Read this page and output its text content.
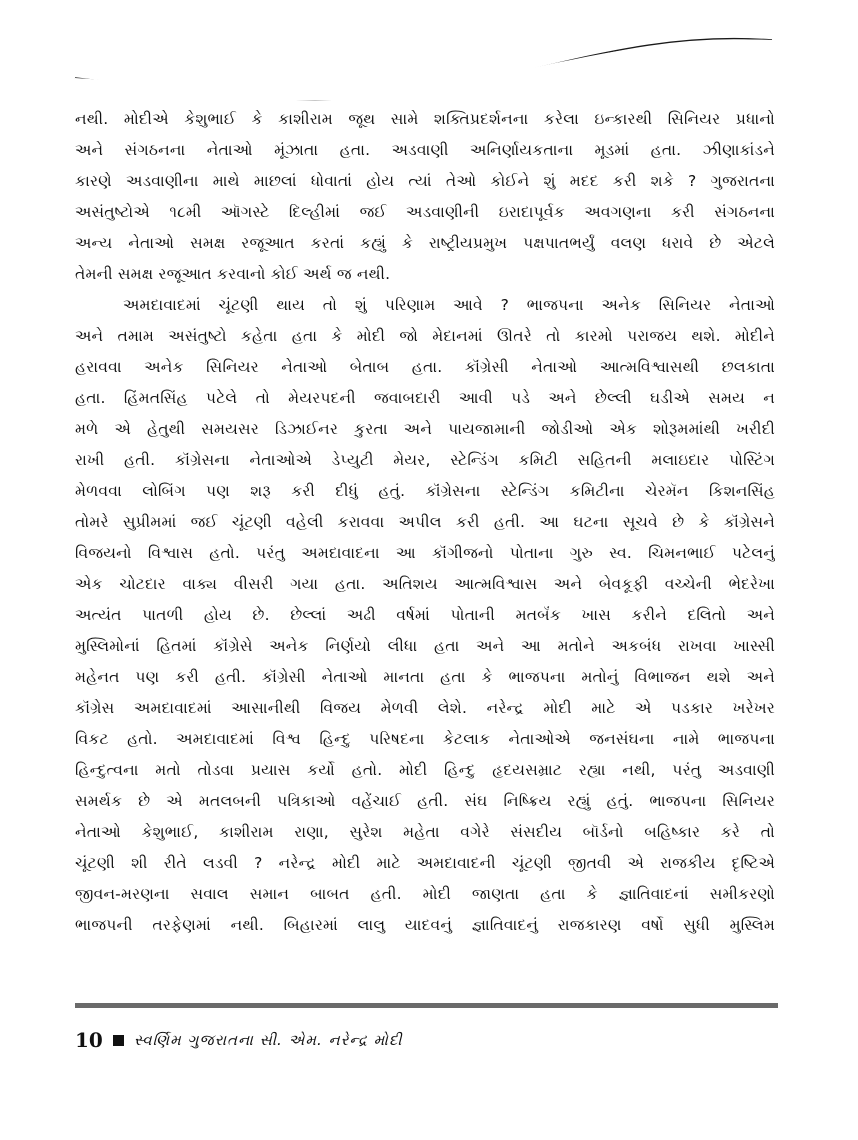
નથી. મોદીએ કેશુભાઈ કે કાશીરામ જૂથ સામે શક્તિપ્રદર્શનના કરેલા ઇન્કારથી સિનિયર પ્રધાનો
અને સંગઠનના નેતાઓ મૂંઝાતા હતા. અડવાણી અનિર્ણાયકતાના મૂડમાં હતા. ઝીણાકાંડને
કારણે અડવાણીના માથે માછલાં ધોવાતાં હોય ત્યાં તેઓ કોઈને શું મદદ કરી શકે ? ગુજરાતના
અસંતુષ્ટોએ ૧૮મી ઑગસ્ટે દિલ્હીમાં જઈ અડવાણીની ઇરાદાપૂર્વક અવગણના કરી સંગઠનના
અન્ય નેતાઓ સમક્ષ રજૂઆત કરતાં કહ્યું કે રાષ્ટ્રીયપ્રમુખ પક્ષપાતભર્યું વલણ ધરાવે છે એટલે
તેમની સમક્ષ રજૂઆત કરવાનો કોઈ અર્થ જ નથી.
અમદાવાદમાં ચૂંટણી થાય તો શું પરિણામ આવે ? ભાજપના અનેક સિનિયર નેતાઓ
અને તમામ અસંતુષ્ટો કહેતા હતા કે મોદી જો મેદાનમાં ઊતરે તો કારમો પરાજય થશે. મોદીને
હરાવવા અનેક સિનિયર નેતાઓ બેતાબ હતા. કૉંગ્રેસી નેતાઓ આત્મવિશ્વાસથી છલકાતા
હતા. હિંમતસિંહ પટેલે તો મેયરપદની જવાબદારી આવી પડે અને છેલ્લી ઘડીએ સમય ન
મળે એ હેતુથી સમયસર ડિઝાઈનર કુરતા અને પાયજામાની જોડીઓ એક શોરૂમમાંથી ખરીદી
રાખી હતી. કૉંગ્રેસના નેતાઓએ ડેપ્યુટી મેયર, સ્ટેન્ડિંગ કમિટી સહિતની મલાઇદાર પોસ્ટિંગ
મેળવવા લોબિંગ પણ શરૂ કરી દીધું હતું. કૉંગ્રેસના સ્ટેન્ડિંગ કમિટીના ચેરમૅન કિશનસિંહ
તોમરે સુપ્રીમમાં જઈ ચૂંટણી વહેલી કરાવવા અપીલ કરી હતી. આ ઘટના સૂચવે છે કે કૉંગ્રેસને
વિજયનો વિશ્વાસ હતો. પરંતુ અમદાવાદના આ કૉંગીજનો પોતાના ગુરુ સ્વ. ચિમનભાઈ પટેલનું
એક ચોટદાર વાક્ય વીસરી ગયા હતા. અતિશય આત્મવિશ્વાસ અને બેવકૂફી વચ્ચેની ભેદરેખા
અત્યંત પાતળી હોય છે. છેલ્લાં અઢી વર્ષમાં પોતાની મતબૅંક ખાસ કરીને દલિતો અને
મુસ્લિમોનાં હિતમાં કૉંગ્રેસે અનેક નિર્ણયો લીધા હતા અને આ મતોને અકબંધ રાખવા ખાસ્સી
મહેનત પણ કરી હતી. કૉંગ્રેસી નેતાઓ માનતા હતા કે ભાજપના મતોનું વિભાજન થશે અને
કૉંગ્રેસ અમદાવાદમાં આસાનીથી વિજય મેળવી લેશે. નરેન્દ્ર મોદી માટે એ પડકાર ખરેખર
વિકટ હતો. અમદાવાદમાં વિશ્વ હિન્દુ પરિષદના કેટલાક નેતાઓએ જનસંઘના નામે ભાજપના
હિન્દુત્વના મતો તોડવા પ્રયાસ કર્યો હતો. મોદી હિન્દુ હૃદયસમ્રાટ રહ્યા નથી, પરંતુ અડવાણી
સમર્થક છે એ મતલબની પત્રિકાઓ વહેંચાઈ હતી. સંઘ નિષ્ક્રિય રહ્યું હતું. ભાજપના સિનિયર
નેતાઓ કેશુભાઈ, કાશીરામ રાણા, સુરેશ મહેતા વગેરે સંસદીય બૉર્ડનો બહિષ્કાર કરે તો
ચૂંટણી શી રીતે લડવી ? નરેન્દ્ર મોદી માટે અમદાવાદની ચૂંટણી જીતવી એ રાજકીય દૃષ્ટિએ
જીવન-મરણના સવાલ સમાન બાબત હતી. મોદી જાણતા હતા કે જ્ઞાતિવાદનાં સમીકરણો
ભાજપની તરફેણમાં નથી. બિહારમાં લાલુ યાદવનું જ્ઞાતિવાદનું રાજકારણ વર્ષો સુધી મુસ્લિમ
10 સ્વર્ણિમ ગુજરાતના સી. એમ. નરેન્દ્ર મોદી
